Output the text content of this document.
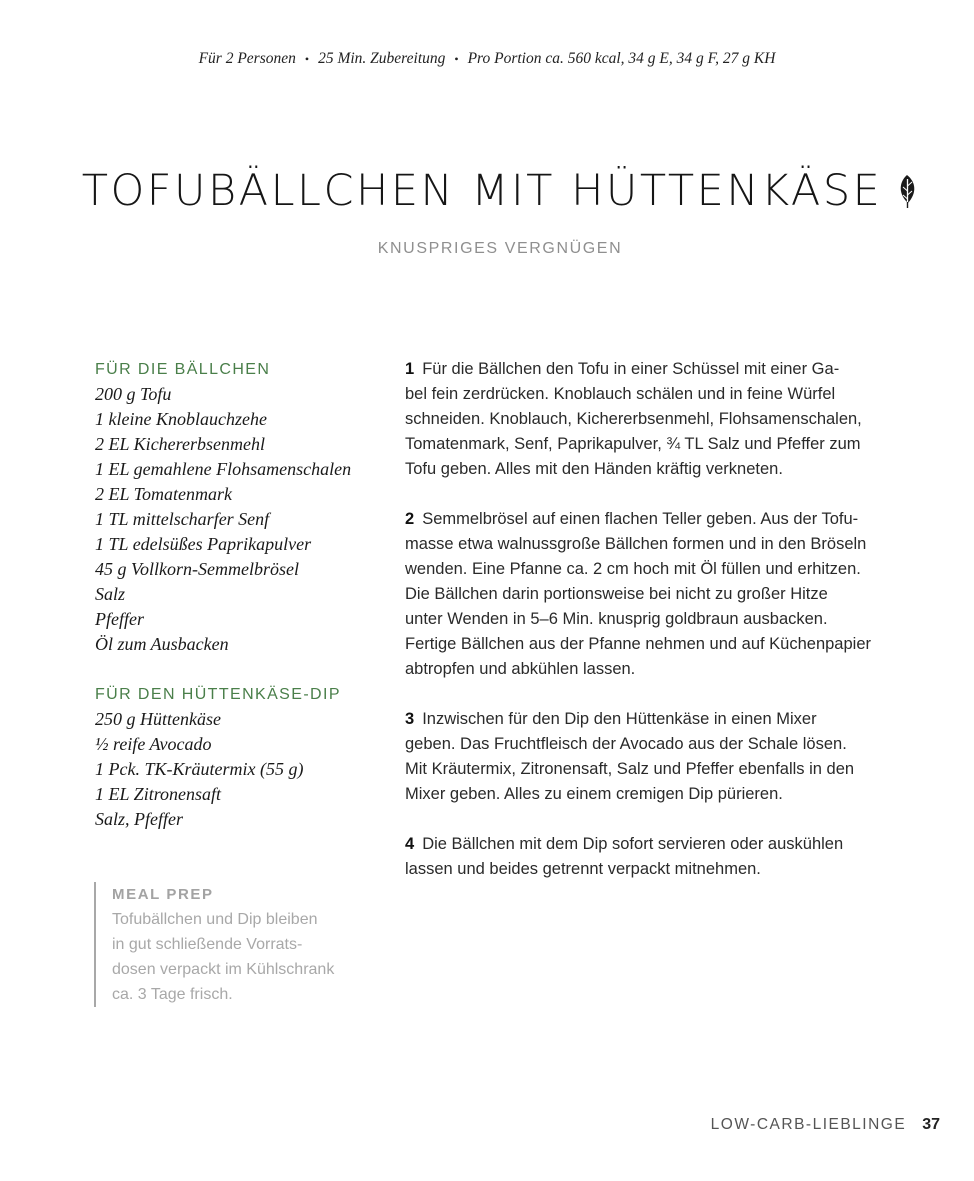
Für 2 Personen • 25 Min. Zubereitung • Pro Portion ca. 560 kcal, 34 g E, 34 g F, 27 g KH
TOFUBÄLLCHEN MIT HÜTTENKÄSE
KNUSPRIGES VERGNÜGEN
FÜR DIE BÄLLCHEN
200 g Tofu
1 kleine Knoblauchzehe
2 EL Kichererbsenmehl
1 EL gemahlene Flohsamenschalen
2 EL Tomatenmark
1 TL mittelscharfer Senf
1 TL edelsüßes Paprikapulver
45 g Vollkorn-Semmelbrösel
Salz
Pfeffer
Öl zum Ausbacken
FÜR DEN HÜTTENKÄSE-DIP
250 g Hüttenkäse
½ reife Avocado
1 Pck. TK-Kräutermix (55 g)
1 EL Zitronensaft
Salz, Pfeffer
MEAL PREP
Tofubällchen und Dip bleiben
in gut schließende Vorrats-
dosen verpackt im Kühlschrank
ca. 3 Tage frisch.
1 Für die Bällchen den Tofu in einer Schüssel mit einer Ga-
bel fein zerdrücken. Knoblauch schälen und in feine Würfel
schneiden. Knoblauch, Kichererbsenmehl, Flohsamenschalen,
Tomatenmark, Senf, Paprikapulver, ¾ TL Salz und Pfeffer zum
Tofu geben. Alles mit den Händen kräftig verkneten.
2 Semmelbrösel auf einen flachen Teller geben. Aus der Tofu-
masse etwa walnussgroße Bällchen formen und in den Bröseln
wenden. Eine Pfanne ca. 2 cm hoch mit Öl füllen und erhitzen.
Die Bällchen darin portionsweise bei nicht zu großer Hitze
unter Wenden in 5–6 Min. knusprig goldbraun ausbacken.
Fertige Bällchen aus der Pfanne nehmen und auf Küchenpapier
abtropfen und abkühlen lassen.
3 Inzwischen für den Dip den Hüttenkäse in einen Mixer
geben. Das Fruchtfleisch der Avocado aus der Schale lösen.
Mit Kräutermix, Zitronensaft, Salz und Pfeffer ebenfalls in den
Mixer geben. Alles zu einem cremigen Dip pürieren.
4 Die Bällchen mit dem Dip sofort servieren oder auskühlen
lassen und beides getrennt verpackt mitnehmen.
LOW-CARB-LIEBLINGE 37
